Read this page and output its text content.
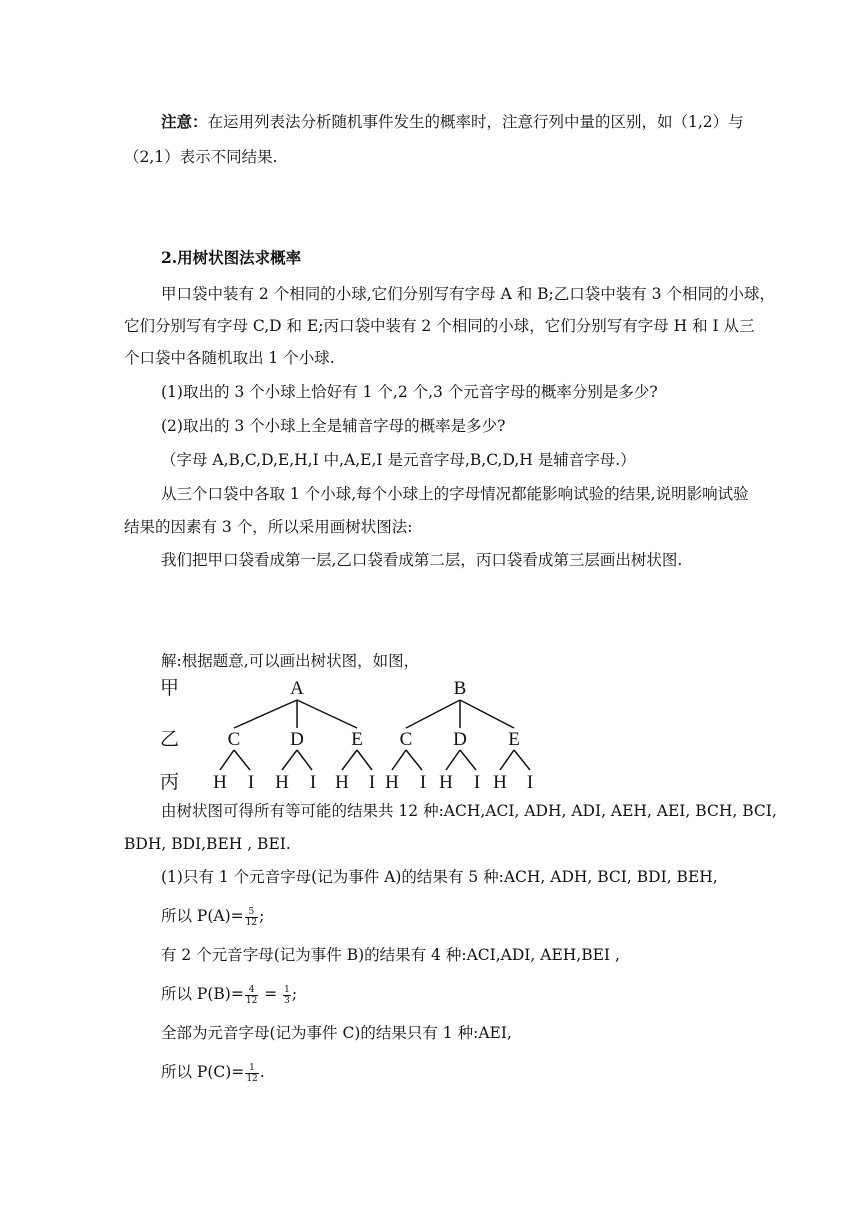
注意：在运用列表法分析随机事件发生的概率时，注意行列中量的区别，如（1,2）与
（2,1）表示不同结果.
2.用树状图法求概率
甲口袋中装有 2 个相同的小球,它们分别写有字母 A 和 B;乙口袋中装有 3 个相同的小球，
它们分别写有字母 C,D 和 E;丙口袋中装有 2 个相同的小球，它们分别写有字母 H 和 I 从三
个口袋中各随机取出 1 个小球.
(1)取出的 3 个小球上恰好有 1 个,2 个,3 个元音字母的概率分别是多少?
(2)取出的 3 个小球上全是辅音字母的概率是多少?
（字母 A,B,C,D,E,H,I 中,A,E,I 是元音字母,B,C,D,H 是辅音字母.）
从三个口袋中各取 1 个小球,每个小球上的字母情况都能影响试验的结果,说明影响试验
结果的因素有 3 个，所以采用画树状图法:
我们把甲口袋看成第一层,乙口袋看成第二层，丙口袋看成第三层画出树状图.
解:根据题意,可以画出树状图，如图，
甲
乙
丙
A	B
C	D E C D E
H I H I H I H I H I H I
由树状图可得所有等可能的结果共 12 种:ACH,ACI, ADH, ADI, AEH, AEI, BCH, BCI,
BDH, BDI,BEH , BEI.
(1)只有 1 个元音字母(记为事件 A)的结果有 5 种:ACH, ADH, BCI, BDI, BEH,
所以 $P(A)= \frac{5}{12}$ ;
有 2 个元音字母(记为事件 B)的结果有 4 种:ACI,ADI, AEH,BEI ,
所以 $P(B)= \frac{4}{12} = \frac{1}{3}$ ;
全部为元音字母(记为事件 C)的结果只有 1 种:AEI,
所以 $P(C)= \frac{1}{12}$ .
